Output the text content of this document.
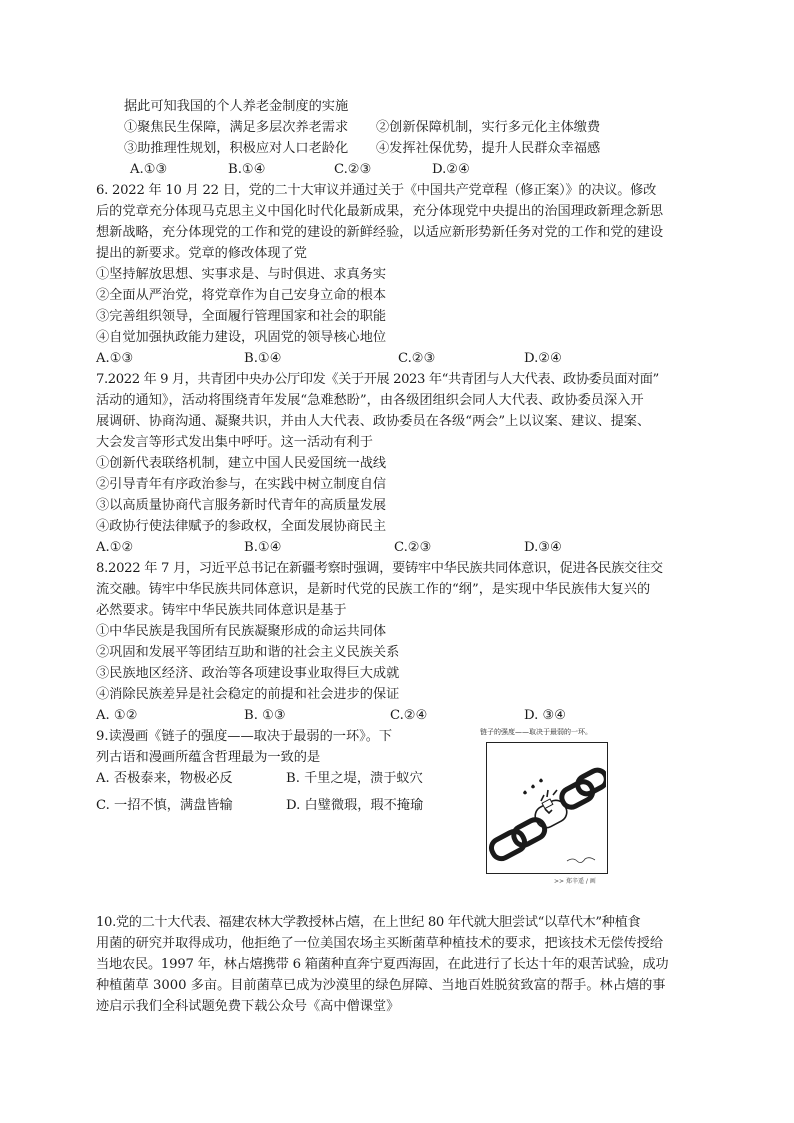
据此可知我国的个人养老金制度的实施
①聚焦民生保障，满足多层次养老需求 ②创新保障机制，实行多元化主体缴费
③助推理性规划，积极应对人口老龄化 ④发挥社保优势，提升人民群众幸福感
A.①③	B.①④	C.②③	D.②④
6. 2022 年 10 月 22 日，党的二十大审议并通过关于《中国共产党章程（修正案）》的决议。修改
后的党章充分体现马克思主义中国化时代化最新成果，充分体现党中央提出的治国理政新理念新思
想新战略，充分体现党的工作和党的建设的新鲜经验，以适应新形势新任务对党的工作和党的建设
提出的新要求。党章的修改体现了党
①坚持解放思想、实事求是、与时俱进、求真务实
②全面从严治党，将党章作为自己安身立命的根本
③完善组织领导，全面履行管理国家和社会的职能
④自觉加强执政能力建设，巩固党的领导核心地位
A.①③	B.①④	C.②③	D.②④
7.2022 年 9 月，共青团中央办公厅印发《关于开展 2023 年“共青团与人大代表、政协委员面对面”
活动的通知》，活动将围绕青年发展“急难愁盼”，由各级团组织会同人大代表、政协委员深入开
展调研、协商沟通、凝聚共识，并由人大代表、政协委员在各级“两会”上以议案、建议、提案、
大会发言等形式发出集中呼吁。这一活动有利于
①创新代表联络机制，建立中国人民爱国统一战线
②引导青年有序政治参与，在实践中树立制度自信
③以高质量协商代言服务新时代青年的高质量发展
④政协行使法律赋予的参政权，全面发展协商民主
A.①②	B.①④	C.②③	D.③④
8.2022 年 7 月，习近平总书记在新疆考察时强调，要铸牢中华民族共同体意识，促进各民族交往交
流交融。铸牢中华民族共同体意识，是新时代党的民族工作的“纲”，是实现中华民族伟大复兴的
必然要求。铸牢中华民族共同体意识是基于
①中华民族是我国所有民族凝聚形成的命运共同体
②巩固和发展平等团结互助和谐的社会主义民族关系
③民族地区经济、政治等各项建设事业取得巨大成就
④消除民族差异是社会稳定的前提和社会进步的保证
A. ①②	B. ①③	C.②④	D. ③④
9.读漫画《链子的强度——取决于最弱的一环》。下
列古语和漫画所蕴含哲理最为一致的是
A. 否极泰来，物极必反	B. 千里之堤，溃于蚁穴
C. 一招不慎，满盘皆输	D. 白璧微瑕，瑕不掩瑜
链子的强度——取决于最弱的一环。
>> 郑辛遥 / 画
10.党的二十大代表、福建农林大学教授林占熺，在上世纪 80 年代就大胆尝试“以草代木”种植食
用菌的研究并取得成功，他拒绝了一位美国农场主买断菌草种植技术的要求，把该技术无偿传授给
当地农民。1997 年，林占熺携带 6 箱菌种直奔宁夏西海固，在此进行了长达十年的艰苦试验，成功
种植菌草 3000 多亩。目前菌草已成为沙漠里的绿色屏障、当地百姓脱贫致富的帮手。林占熺的事
迹启示我们全科试题免费下载公众号《高中僧课堂》
